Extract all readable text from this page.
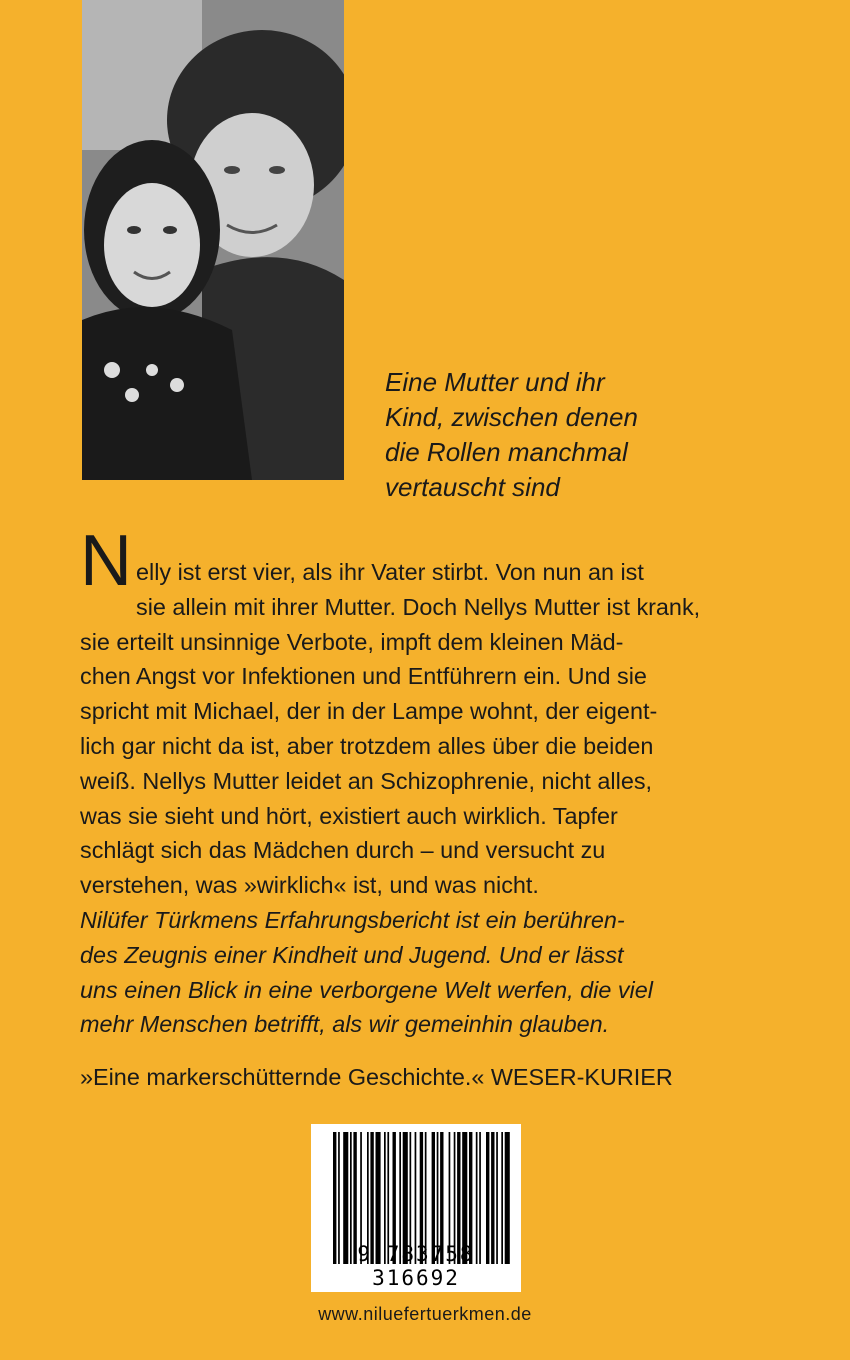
Eine Mutter und ihr
Kind, zwischen denen
die Rollen manchmal
vertauscht sind
N elly ist erst vier, als ihr Vater stirbt. Von nun an ist
sie allein mit ihrer Mutter. Doch Nellys Mutter ist krank,
sie erteilt unsinnige Verbote, impft dem kleinen Mäd-
chen Angst vor Infektionen und Entführern ein. Und sie
spricht mit Michael, der in der Lampe wohnt, der eigent-
lich gar nicht da ist, aber trotzdem alles über die beiden
weiß. Nellys Mutter leidet an Schizophrenie, nicht alles,
was sie sieht und hört, existiert auch wirklich. Tapfer
schlägt sich das Mädchen durch – und versucht zu
verstehen, was »wirklich« ist, und was nicht.
Nilüfer Türkmens Erfahrungsbericht ist ein berühren-
des Zeugnis einer Kindheit und Jugend. Und er lässt
uns einen Blick in eine verborgene Welt werfen, die viel
mehr Menschen betrifft, als wir gemeinhin glauben.
»Eine markerschütternde Geschichte.« WESER-KURIER
9 783758 316692
www.niluefertuerkmen.de
